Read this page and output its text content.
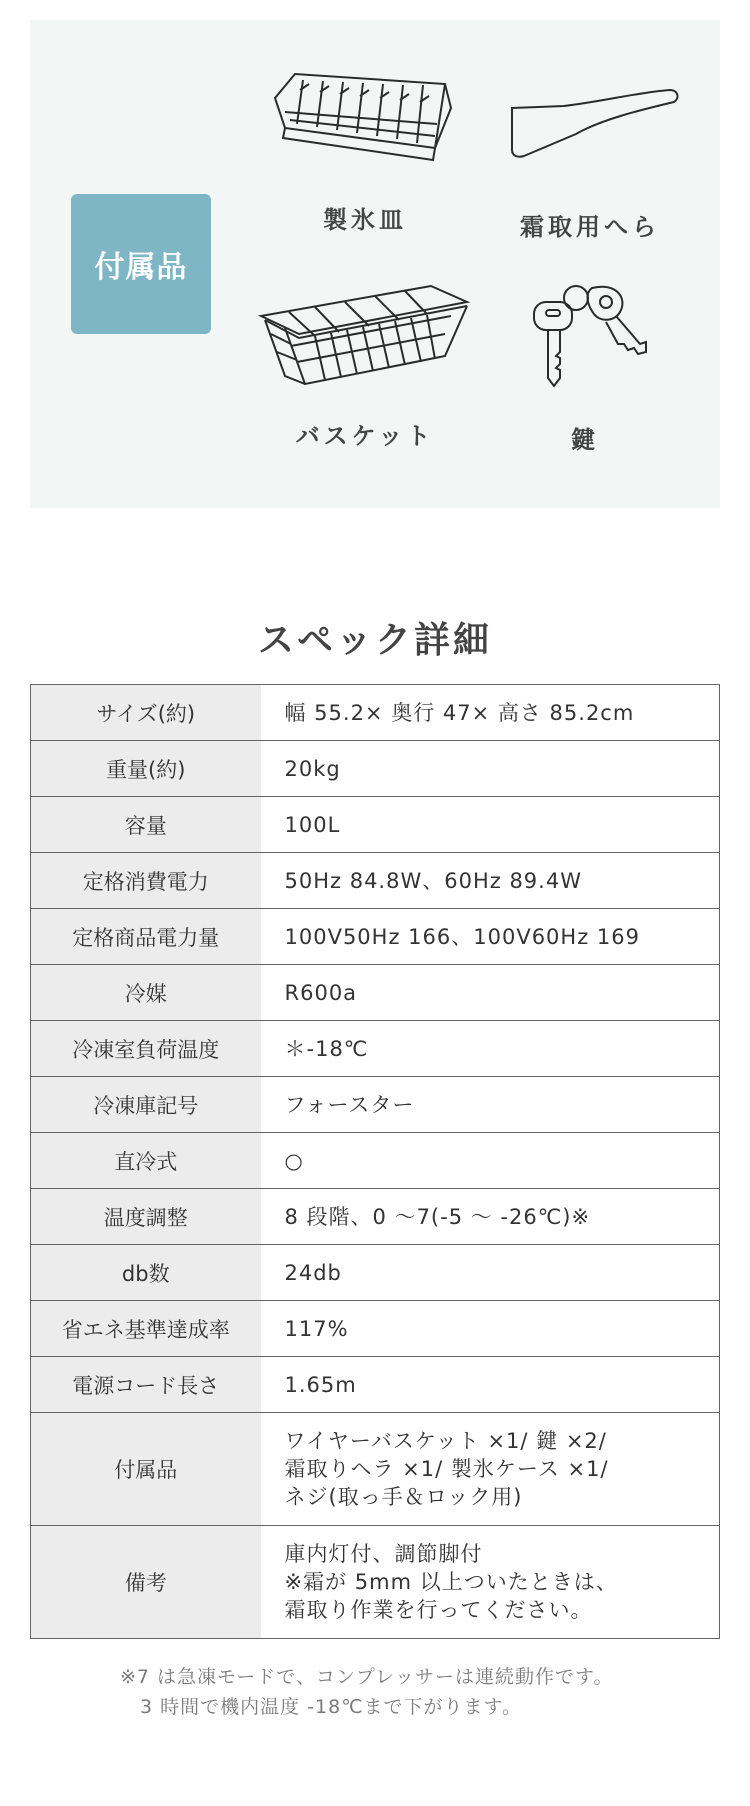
付属品
製氷皿	霜取用へら
バスケット	鍵
スペック詳細
サイズ(約)	幅 55.2× 奥行 47× 高さ 85.2cm

重量(約)	20kg

容量	100L

定格消費電力	50Hz 84.8W、60Hz 89.4W

定格商品電力量	100V50Hz 166、100V60Hz 169

冷媒	R600a

冷凍室負荷温度	＊-18℃

冷凍庫記号	フォースター

直冷式	○

温度調整	8 段階、0 ～7(-5 ～ -26℃)※

db数	24db

省エネ基準達成率	117%

電源コード長さ	1.65m

付属品	ワイヤーバスケット ×1/ 鍵 ×2/
霜取りヘラ ×1/ 製氷ケース ×1/
ネジ(取っ手＆ロック用)

備考	庫内灯付、調節脚付
※霜が 5mm 以上ついたときは、
霜取り作業を行ってください。
※7 は急凍モードで、コンプレッサーは連続動作です。
3 時間で機内温度 -18℃まで下がります。
